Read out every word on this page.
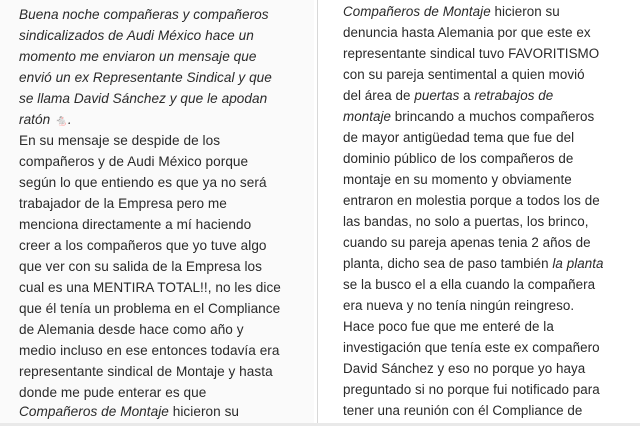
Buena noche compañeras y compañeros
sindicalizados de Audi México hace un
momento me enviaron un mensaje que
envió un ex Representante Sindical y que
se llama David Sánchez y que le apodan
ratón 🐁.
En su mensaje se despide de los
compañeros y de Audi México porque
según lo que entiendo es que ya no será
trabajador de la Empresa pero me
menciona directamente a mí haciendo
creer a los compañeros que yo tuve algo
que ver con su salida de la Empresa los
cual es una MENTIRA TOTAL!!, no les dice
que él tenía un problema en el Compliance
de Alemania desde hace como año y
medio incluso en ese entonces todavía era
representante sindical de Montaje y hasta
donde me pude enterar es que
Compañeros de Montaje hicieron su
Compañeros de Montaje hicieron su
denuncia hasta Alemania por que este ex
representante sindical tuvo FAVORITISMO
con su pareja sentimental a quien movió
del área de puertas a retrabajos de
montaje brincando a muchos compañeros
de mayor antigüedad tema que fue del
dominio público de los compañeros de
montaje en su momento y obviamente
entraron en molestia porque a todos los de
las bandas, no solo a puertas, los brinco,
cuando su pareja apenas tenia 2 años de
planta, dicho sea de paso también la planta
se la busco el a ella cuando la compañera
era nueva y no tenía ningún reingreso.
Hace poco fue que me enteré de la
investigación que tenía este ex compañero
David Sánchez y eso no porque yo haya
preguntado si no porque fui notificado para
tener una reunión con él Compliance de
